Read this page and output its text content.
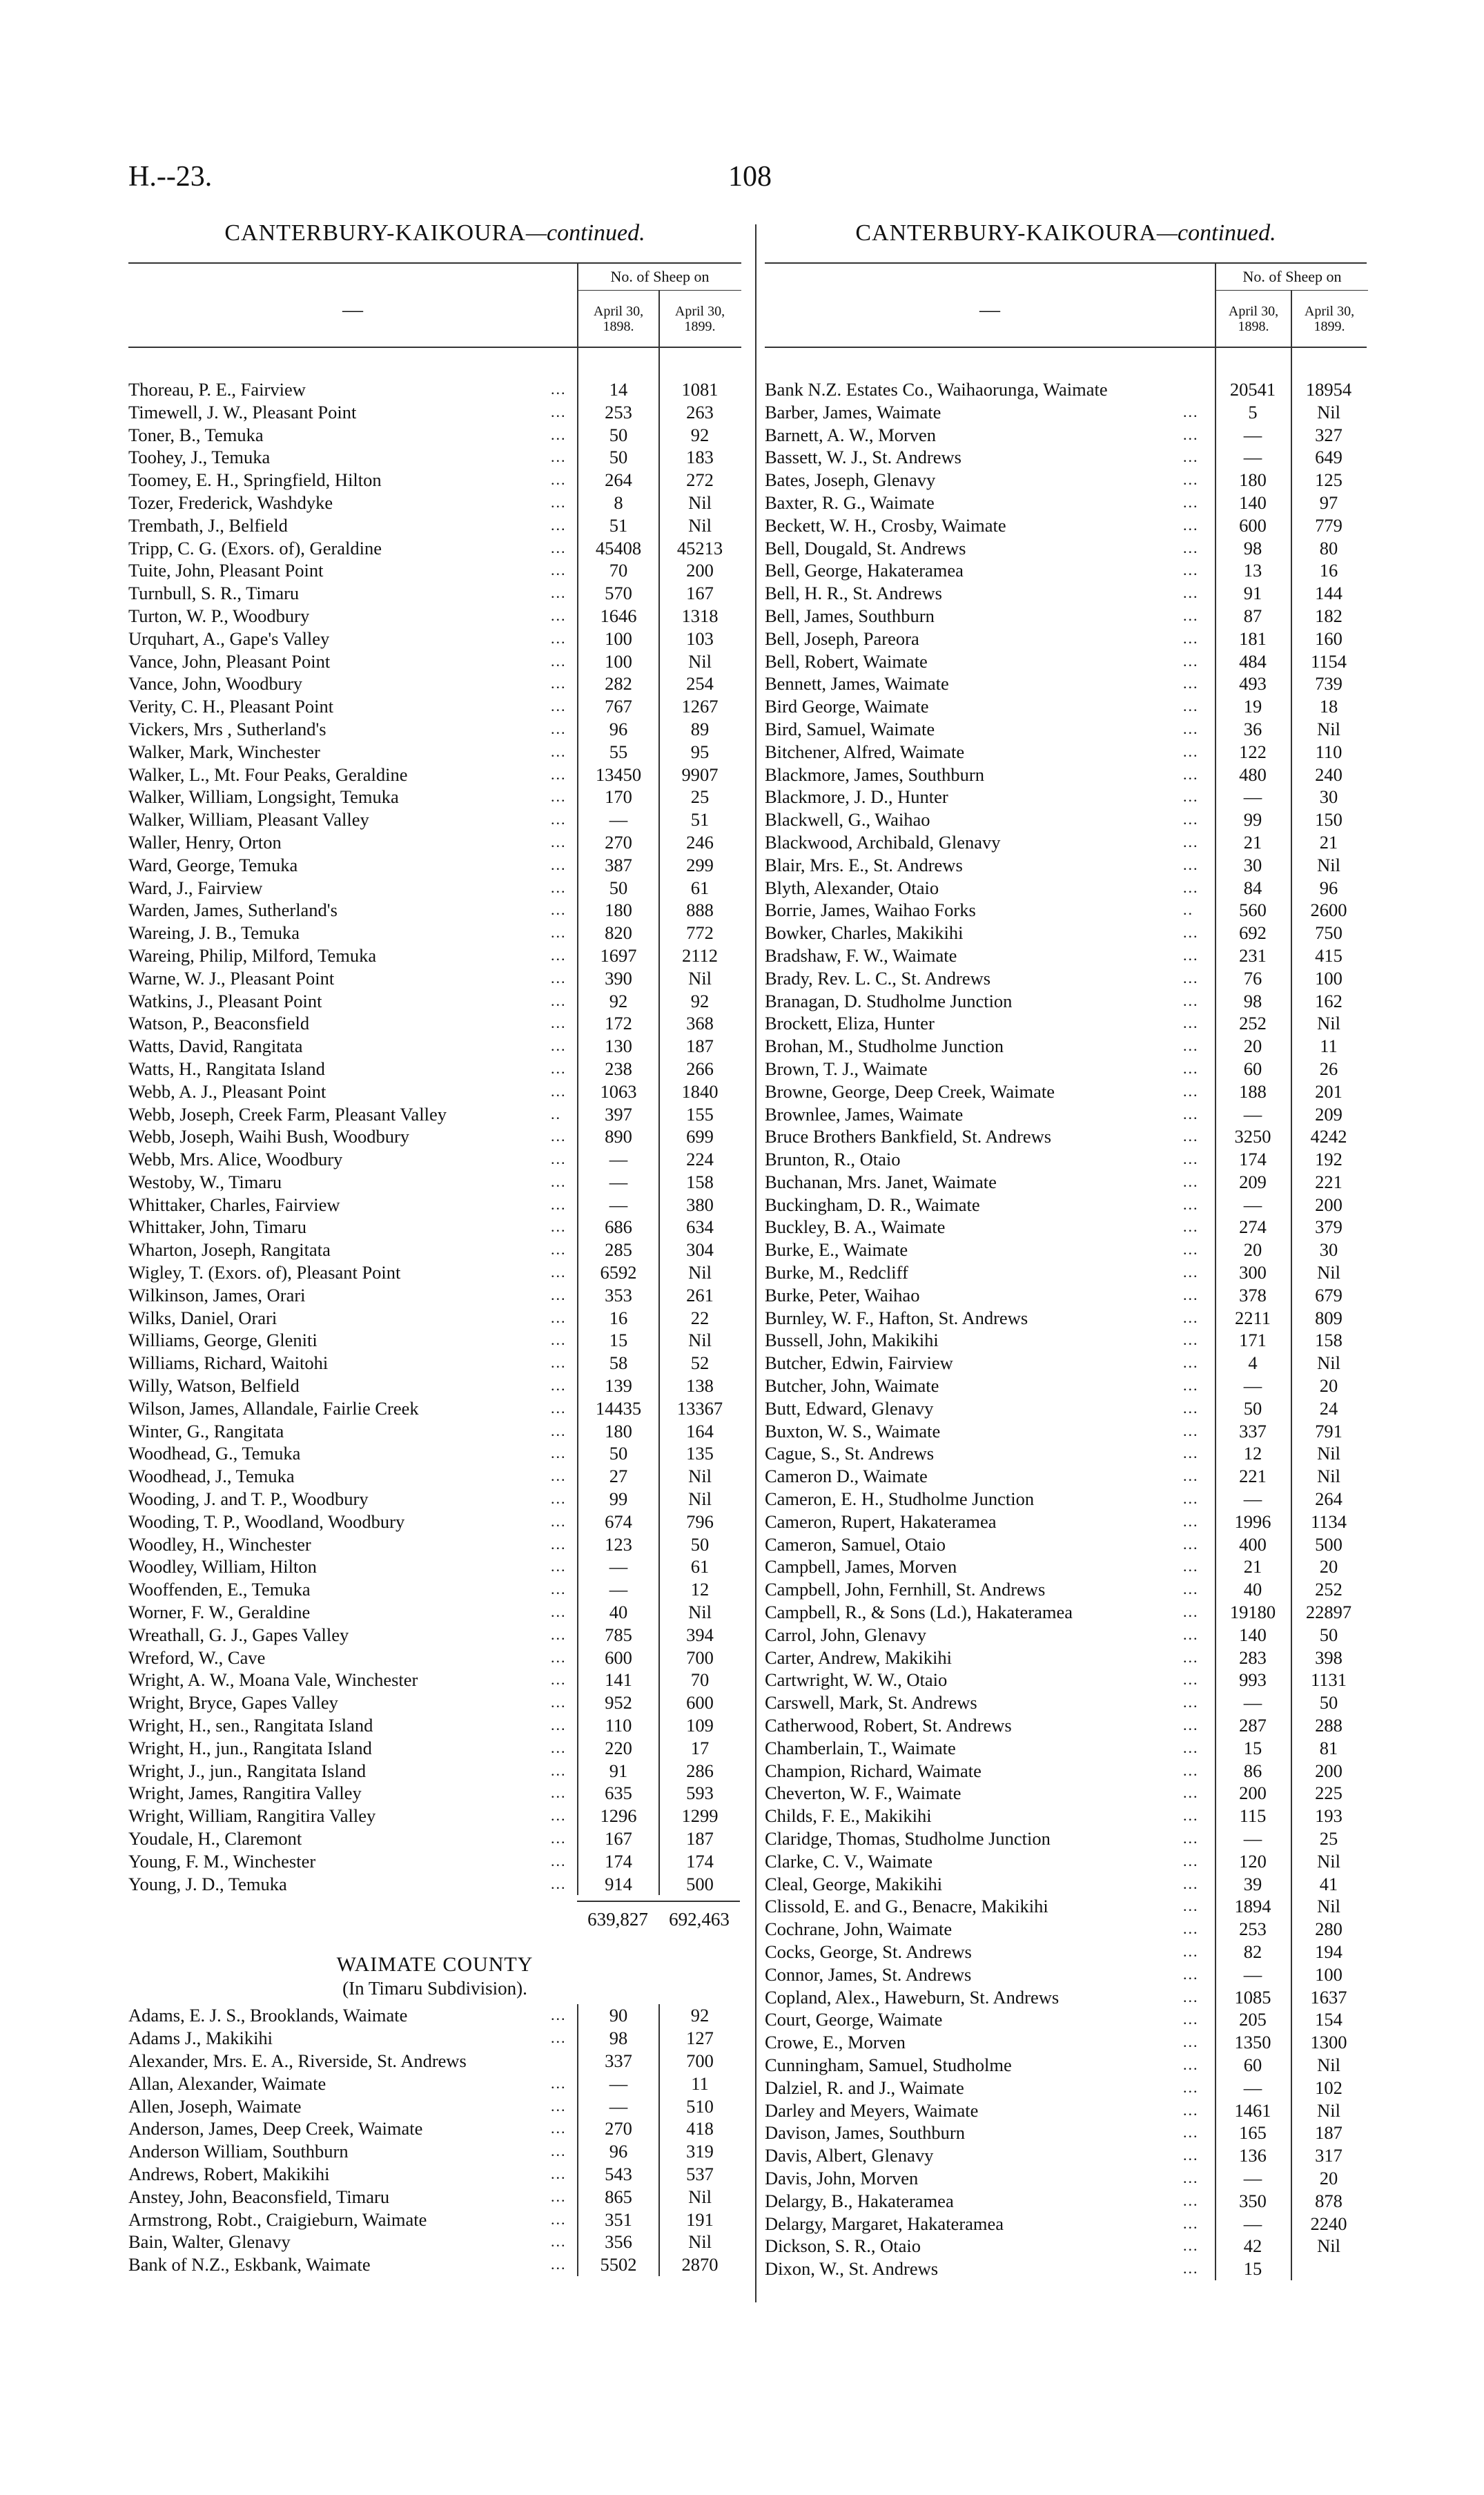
H.--23.	108
CANTERBURY-KAIKOURA—continued.
—
No. of Sheep on
April 30, 1898.
April 30, 1899.
Thoreau, P. E., Fairview	...	14	1081
Timewell, J. W., Pleasant Point	...	253	263
Toner, B., Temuka	...	50	92
Toohey, J., Temuka	...	50	183
Toomey, E. H., Springfield, Hilton	...	264	272
Tozer, Frederick, Washdyke	...	8	Nil
Trembath, J., Belfield	...	51	Nil
Tripp, C. G. (Exors. of), Geraldine	...	45408	45213
Tuite, John, Pleasant Point	...	70	200
Turnbull, S. R., Timaru	...	570	167
Turton, W. P., Woodbury	...	1646	1318
Urquhart, A., Gape's Valley	...	100	103
Vance, John, Pleasant Point	...	100	Nil
Vance, John, Woodbury	...	282	254
Verity, C. H., Pleasant Point	...	767	1267
Vickers, Mrs , Sutherland's	...	96	89
Walker, Mark, Winchester	...	55	95
Walker, L., Mt. Four Peaks, Geraldine	...	13450	9907
Walker, William, Longsight, Temuka	...	170	25
Walker, William, Pleasant Valley	...	—	51
Waller, Henry, Orton	...	270	246
Ward, George, Temuka	...	387	299
Ward, J., Fairview	...	50	61
Warden, James, Sutherland's	...	180	888
Wareing, J. B., Temuka	...	820	772
Wareing, Philip, Milford, Temuka	...	1697	2112
Warne, W. J., Pleasant Point	...	390	Nil
Watkins, J., Pleasant Point	...	92	92
Watson, P., Beaconsfield	...	172	368
Watts, David, Rangitata	...	130	187
Watts, H., Rangitata Island	...	238	266
Webb, A. J., Pleasant Point	...	1063	1840
Webb, Joseph, Creek Farm, Pleasant Valley	..	397	155
Webb, Joseph, Waihi Bush, Woodbury	...	890	699
Webb, Mrs. Alice, Woodbury	...	—	224
Westoby, W., Timaru	...	—	158
Whittaker, Charles, Fairview	...	—	380
Whittaker, John, Timaru	...	686	634
Wharton, Joseph, Rangitata	...	285	304
Wigley, T. (Exors. of), Pleasant Point	...	6592	Nil
Wilkinson, James, Orari	...	353	261
Wilks, Daniel, Orari	...	16	22
Williams, George, Gleniti	...	15	Nil
Williams, Richard, Waitohi	...	58	52
Willy, Watson, Belfield	...	139	138
Wilson, James, Allandale, Fairlie Creek	...	14435	13367
Winter, G., Rangitata	...	180	164
Woodhead, G., Temuka	...	50	135
Woodhead, J., Temuka	...	27	Nil
Wooding, J. and T. P., Woodbury	...	99	Nil
Wooding, T. P., Woodland, Woodbury	...	674	796
Woodley, H., Winchester	...	123	50
Woodley, William, Hilton	...	—	61
Wooffenden, E., Temuka	...	—	12
Worner, F. W., Geraldine	...	40	Nil
Wreathall, G. J., Gapes Valley	...	785	394
Wreford, W., Cave	...	600	700
Wright, A. W., Moana Vale, Winchester	...	141	70
Wright, Bryce, Gapes Valley	...	952	600
Wright, H., sen., Rangitata Island	...	110	109
Wright, H., jun., Rangitata Island	...	220	17
Wright, J., jun., Rangitata Island	...	91	286
Wright, James, Rangitira Valley	...	635	593
Wright, William, Rangitira Valley	...	1296	1299
Youdale, H., Claremont	...	167	187
Young, F. M., Winchester	...	174	174
Young, J. D., Temuka	...	914	500
639,827	692,463
WAIMATE COUNTY
(In Timaru Subdivision).
Adams, E. J. S., Brooklands, Waimate	...	90	92
Adams J., Makikihi	...	98	127
Alexander, Mrs. E. A., Riverside, St. Andrews	337	700
Allan, Alexander, Waimate	...	—	11
Allen, Joseph, Waimate	...	—	510
Anderson, James, Deep Creek, Waimate	...	270	418
Anderson William, Southburn	...	96	319
Andrews, Robert, Makikihi	...	543	537
Anstey, John, Beaconsfield, Timaru	...	865	Nil
Armstrong, Robt., Craigieburn, Waimate	...	351	191
Bain, Walter, Glenavy	...	356	Nil
Bank of N.Z., Eskbank, Waimate	...	5502	2870
CANTERBURY-KAIKOURA—continued.
—
No. of Sheep on
April 30, 1898.
April 30, 1899.
Bank N.Z. Estates Co., Waihaorunga, Waimate	20541	18954
Barber, James, Waimate	...	5	Nil
Barnett, A. W., Morven	...	—	327
Bassett, W. J., St. Andrews	...	—	649
Bates, Joseph, Glenavy	...	180	125
Baxter, R. G., Waimate	...	140	97
Beckett, W. H., Crosby, Waimate	...	600	779
Bell, Dougald, St. Andrews	...	98	80
Bell, George, Hakateramea	...	13	16
Bell, H. R., St. Andrews	...	91	144
Bell, James, Southburn	...	87	182
Bell, Joseph, Pareora	...	181	160
Bell, Robert, Waimate	...	484	1154
Bennett, James, Waimate	...	493	739
Bird George, Waimate	...	19	18
Bird, Samuel, Waimate	...	36	Nil
Bitchener, Alfred, Waimate	...	122	110
Blackmore, James, Southburn	...	480	240
Blackmore, J. D., Hunter	...	—	30
Blackwell, G., Waihao	...	99	150
Blackwood, Archibald, Glenavy	...	21	21
Blair, Mrs. E., St. Andrews	...	30	Nil
Blyth, Alexander, Otaio	...	84	96
Borrie, James, Waihao Forks	..	560	2600
Bowker, Charles, Makikihi	...	692	750
Bradshaw, F. W., Waimate	...	231	415
Brady, Rev. L. C., St. Andrews	...	76	100
Branagan, D. Studholme Junction	...	98	162
Brockett, Eliza, Hunter	...	252	Nil
Brohan, M., Studholme Junction	...	20	11
Brown, T. J., Waimate	...	60	26
Browne, George, Deep Creek, Waimate	...	188	201
Brownlee, James, Waimate	...	—	209
Bruce Brothers Bankfield, St. Andrews	...	3250	4242
Brunton, R., Otaio	...	174	192
Buchanan, Mrs. Janet, Waimate	...	209	221
Buckingham, D. R., Waimate	...	—	200
Buckley, B. A., Waimate	...	274	379
Burke, E., Waimate	...	20	30
Burke, M., Redcliff	...	300	Nil
Burke, Peter, Waihao	...	378	679
Burnley, W. F., Hafton, St. Andrews	...	2211	809
Bussell, John, Makikihi	...	171	158
Butcher, Edwin, Fairview	...	4	Nil
Butcher, John, Waimate	...	—	20
Butt, Edward, Glenavy	...	50	24
Buxton, W. S., Waimate	...	337	791
Cague, S., St. Andrews	...	12	Nil
Cameron D., Waimate	...	221	Nil
Cameron, E. H., Studholme Junction	...	—	264
Cameron, Rupert, Hakateramea	...	1996	1134
Cameron, Samuel, Otaio	...	400	500
Campbell, James, Morven	...	21	20
Campbell, John, Fernhill, St. Andrews	...	40	252
Campbell, R., & Sons (Ld.), Hakateramea	...	19180	22897
Carrol, John, Glenavy	...	140	50
Carter, Andrew, Makikihi	...	283	398
Cartwright, W. W., Otaio	...	993	1131
Carswell, Mark, St. Andrews	...	—	50
Catherwood, Robert, St. Andrews	...	287	288
Chamberlain, T., Waimate	...	15	81
Champion, Richard, Waimate	...	86	200
Cheverton, W. F., Waimate	...	200	225
Childs, F. E., Makikihi	...	115	193
Claridge, Thomas, Studholme Junction	...	—	25
Clarke, C. V., Waimate	...	120	Nil
Cleal, George, Makikihi	...	39	41
Clissold, E. and G., Benacre, Makikihi	...	1894	Nil
Cochrane, John, Waimate	...	253	280
Cocks, George, St. Andrews	...	82	194
Connor, James, St. Andrews	...	—	100
Copland, Alex., Haweburn, St. Andrews	...	1085	1637
Court, George, Waimate	...	205	154
Crowe, E., Morven	...	1350	1300
Cunningham, Samuel, Studholme	...	60	Nil
Dalziel, R. and J., Waimate	...	—	102
Darley and Meyers, Waimate	...	1461	Nil
Davison, James, Southburn	...	165	187
Davis, Albert, Glenavy	...	136	317
Davis, John, Morven	...	—	20
Delargy, B., Hakateramea	...	350	878
Delargy, Margaret, Hakateramea	...	—	2240
Dickson, S. R., Otaio	...	42	Nil
Dixon, W., St. Andrews	...	15
